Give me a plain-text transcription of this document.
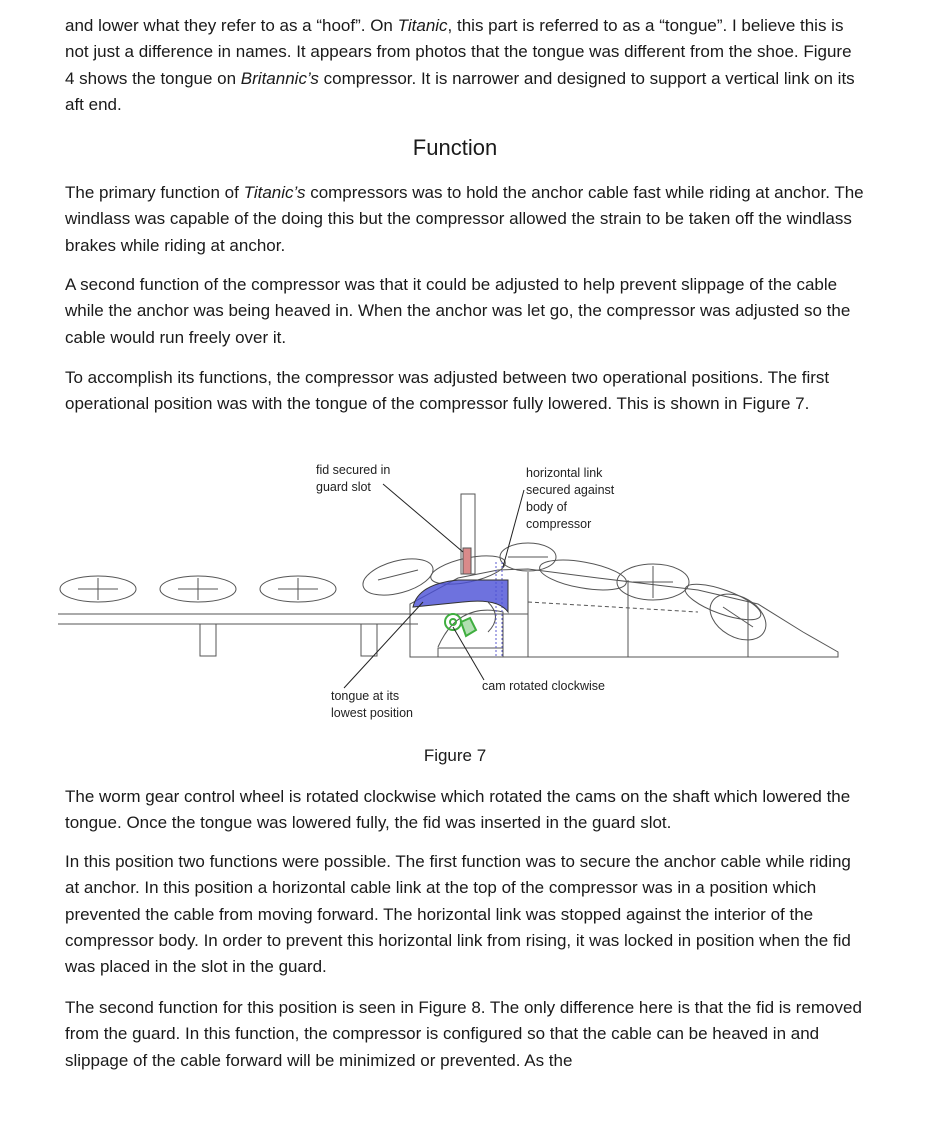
and lower what they refer to as a “hoof”. On Titanic, this part is referred to as a “tongue”. I believe this is not just a difference in names. It appears from photos that the tongue was different from the shoe. Figure 4 shows the tongue on Britannic’s compressor. It is narrower and designed to support a vertical link on its aft end.
Function
The primary function of Titanic’s compressors was to hold the anchor cable fast while riding at anchor. The windlass was capable of the doing this but the compressor allowed the strain to be taken off the windlass brakes while riding at anchor.
A second function of the compressor was that it could be adjusted to help prevent slippage of the cable while the anchor was being heaved in. When the anchor was let go, the compressor was adjusted so the cable would run freely over it.
To accomplish its functions, the compressor was adjusted between two operational positions. The first operational position was with the tongue of the compressor fully lowered. This is shown in Figure 7.
fid secured in
guard slot
horizontal link
secured against
body of
compressor
cam rotated clockwise
tongue at its
lowest position
Figure 7
The worm gear control wheel is rotated clockwise which rotated the cams on the shaft which lowered the tongue. Once the tongue was lowered fully, the fid was inserted in the guard slot.
In this position two functions were possible. The first function was to secure the anchor cable while riding at anchor. In this position a horizontal cable link at the top of the compressor was in a position which prevented the cable from moving forward. The horizontal link was stopped against the interior of the compressor body. In order to prevent this horizontal link from rising, it was locked in position when the fid was placed in the slot in the guard.
The second function for this position is seen in Figure 8. The only difference here is that the fid is removed from the guard. In this function, the compressor is configured so that the cable can be heaved in and slippage of the cable forward will be minimized or prevented. As the
